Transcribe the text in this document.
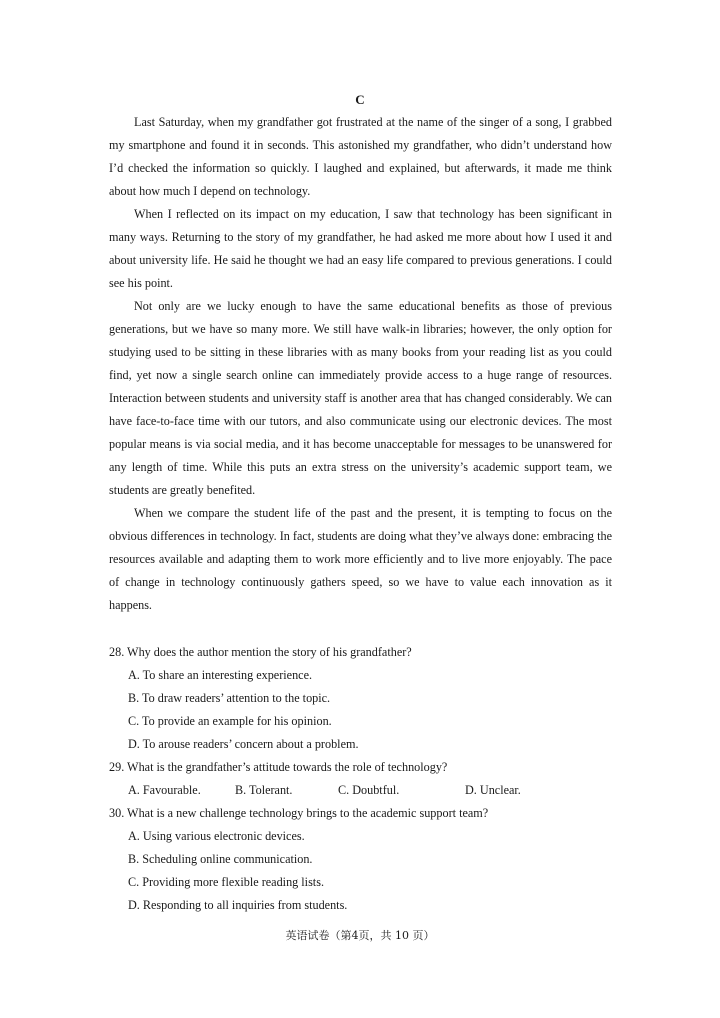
C

Last Saturday, when my grandfather got frustrated at the name of the singer of a song, I grabbed my smartphone and found it in seconds. This astonished my grandfather, who didn’t understand how I’d checked the information so quickly. I laughed and explained, but afterwards, it made me think about how much I depend on technology.

When I reflected on its impact on my education, I saw that technology has been significant in many ways. Returning to the story of my grandfather, he had asked me more about how I used it and about university life. He said he thought we had an easy life compared to previous generations. I could see his point.

Not only are we lucky enough to have the same educational benefits as those of previous generations, but we have so many more. We still have walk-in libraries; however, the only option for studying used to be sitting in these libraries with as many books from your reading list as you could find, yet now a single search online can immediately provide access to a huge range of resources. Interaction between students and university staff is another area that has changed considerably. We can have face-to-face time with our tutors, and also communicate using our electronic devices. The most popular means is via social media, and it has become unacceptable for messages to be unanswered for any length of time. While this puts an extra stress on the university’s academic support team, we students are greatly benefited.

When we compare the student life of the past and the present, it is tempting to focus on the obvious differences in technology. In fact, students are doing what they’ve always done: embracing the resources available and adapting them to work more efficiently and to live more enjoyably. The pace of change in technology continuously gathers speed, so we have to value each innovation as it happens.

28. Why does the author mention the story of his grandfather?

A. To share an interesting experience.

B. To draw readers’ attention to the topic.

C. To provide an example for his opinion.

D. To arouse readers’ concern about a problem.

29. What is the grandfather’s attitude towards the role of technology?

A. Favourable.	B. Tolerant.	C. Doubtful.	D. Unclear.

30. What is a new challenge technology brings to the academic support team?

A. Using various electronic devices.

B. Scheduling online communication.

C. Providing more flexible reading lists.

D. Responding to all inquiries from students.

英语试卷（第4页，共 10 页）
